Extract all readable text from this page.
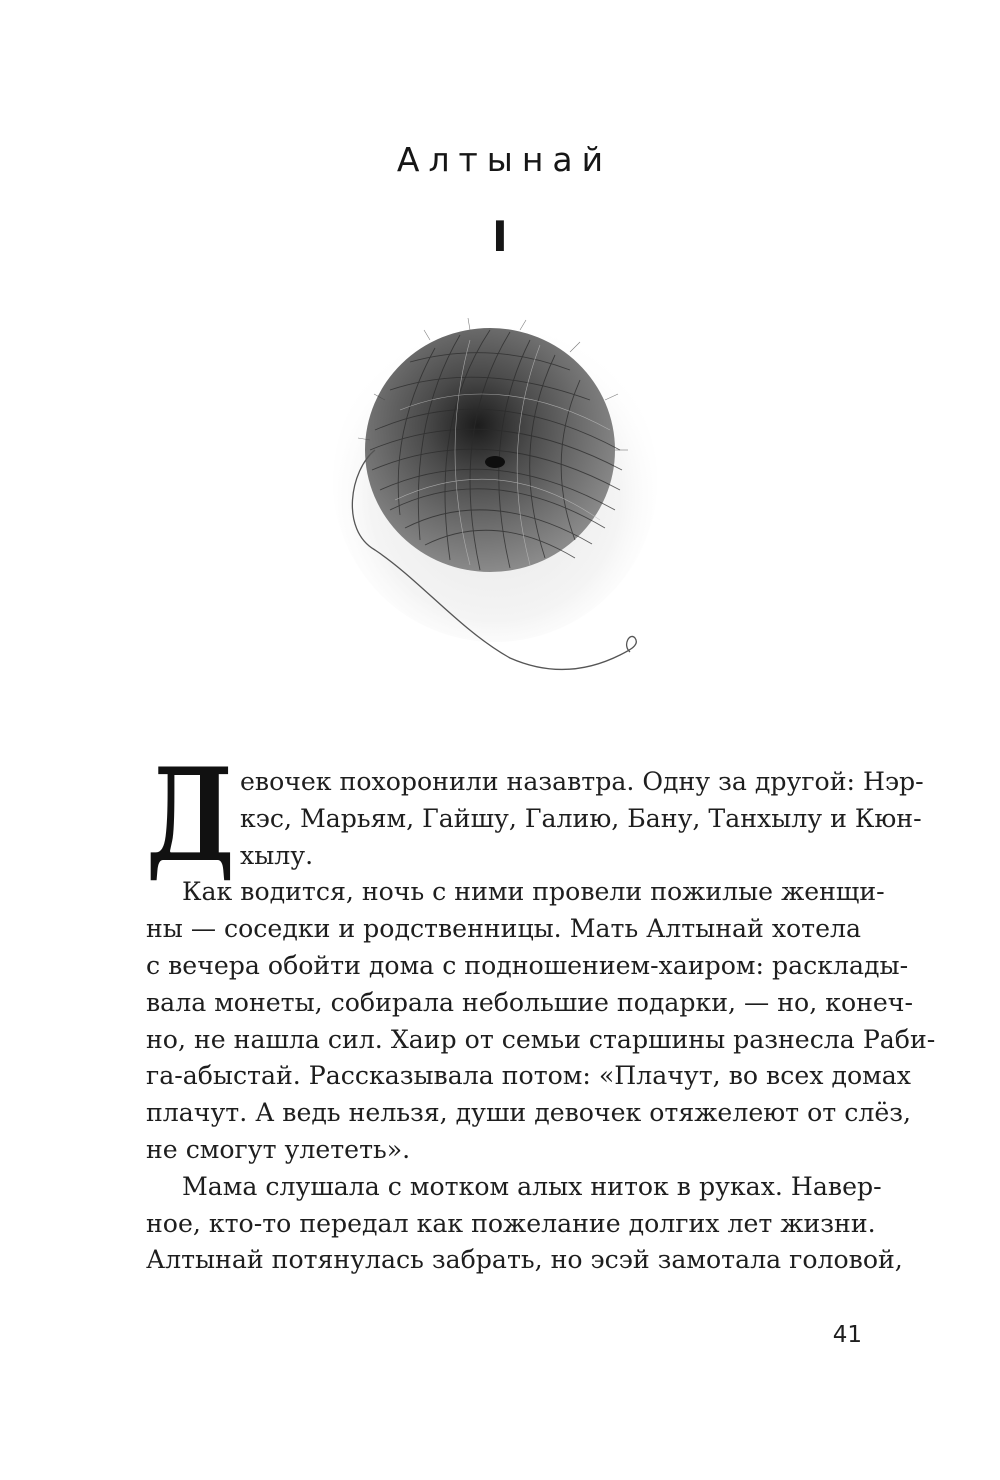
Алтынай
I
Д евочек похоронили назавтра. Одну за другой: Нэр-
кэс, Марьям, Гайшу, Галию, Бану, Танхылу и Кюн-
хылу.
Как водится, ночь с ними провели пожилые женщи-
ны — соседки и родственницы. Мать Алтынай хотела
с вечера обойти дома с подношением-хаиром: расклады-
вала монеты, собирала небольшие подарки, — но, конеч-
но, не нашла сил. Хаир от семьи старшины разнесла Раби-
га-абыстай. Рассказывала потом: «Плачут, во всех домах
плачут. А ведь нельзя, души девочек отяжелеют от слёз,
не смогут улететь».
Мама слушала с мотком алых ниток в руках. Навер-
ное, кто-то передал как пожелание долгих лет жизни.
Алтынай потянулась забрать, но эсэй замотала головой,
41
